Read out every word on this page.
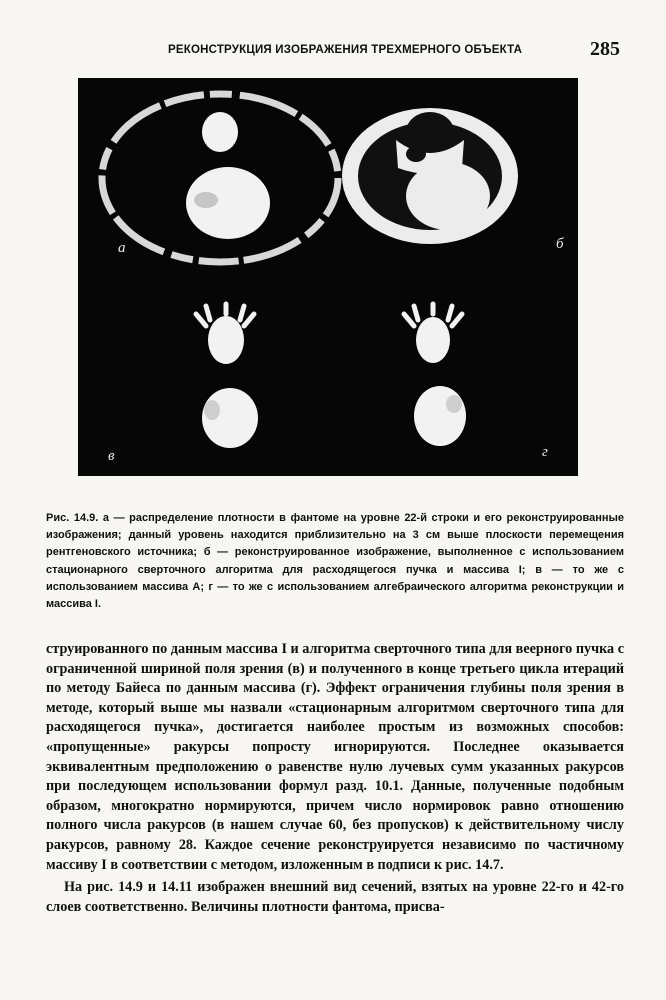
РЕКОНСТРУКЦИЯ ИЗОБРАЖЕНИЯ ТРЕХМЕРНОГО ОБЪЕКТА	285
а	б
в	г

Рис. 14.9. а — распределение плотности в фантоме на уровне 22-й строки и его реконструированные изображения; данный уровень находится приблизительно на 3 см выше плоскости перемещения рентгеновского источника; б — реконструированное изображение, выполненное с использованием стационарного сверточного алгоритма для расходящегося пучка и массива I; в — то же с использованием массива A; г — то же с использованием алгебраического алгоритма реконструкции и массива I.

струированного по данным массива I и алгоритма сверточного типа для веерного пучка с ограниченной шириной поля зрения (в) и полученного в конце третьего цикла итераций по методу Байеса по данным массива (г). Эффект ограничения глубины поля зрения в методе, который выше мы назвали «стационарным алгоритмом сверточного типа для расходящегося пучка», достигается наиболее простым из возможных способов: «пропущенные» ракурсы попросту игнорируются. Последнее оказывается эквивалентным предположению о равенстве нулю лучевых сумм указанных ракурсов при последующем использовании формул разд. 10.1. Данные, полученные подобным образом, многократно нормируются, причем число нормировок равно отношению полного числа ракурсов (в нашем случае 60, без пропусков) к действительному числу ракурсов, равному 28. Каждое сечение реконструируется независимо по частичному массиву I в соответствии с методом, изложенным в подписи к рис. 14.7.

На рис. 14.9 и 14.11 изображен внешний вид сечений, взятых на уровне 22-го и 42-го слоев соответственно. Величины плотности фантома, присва-
